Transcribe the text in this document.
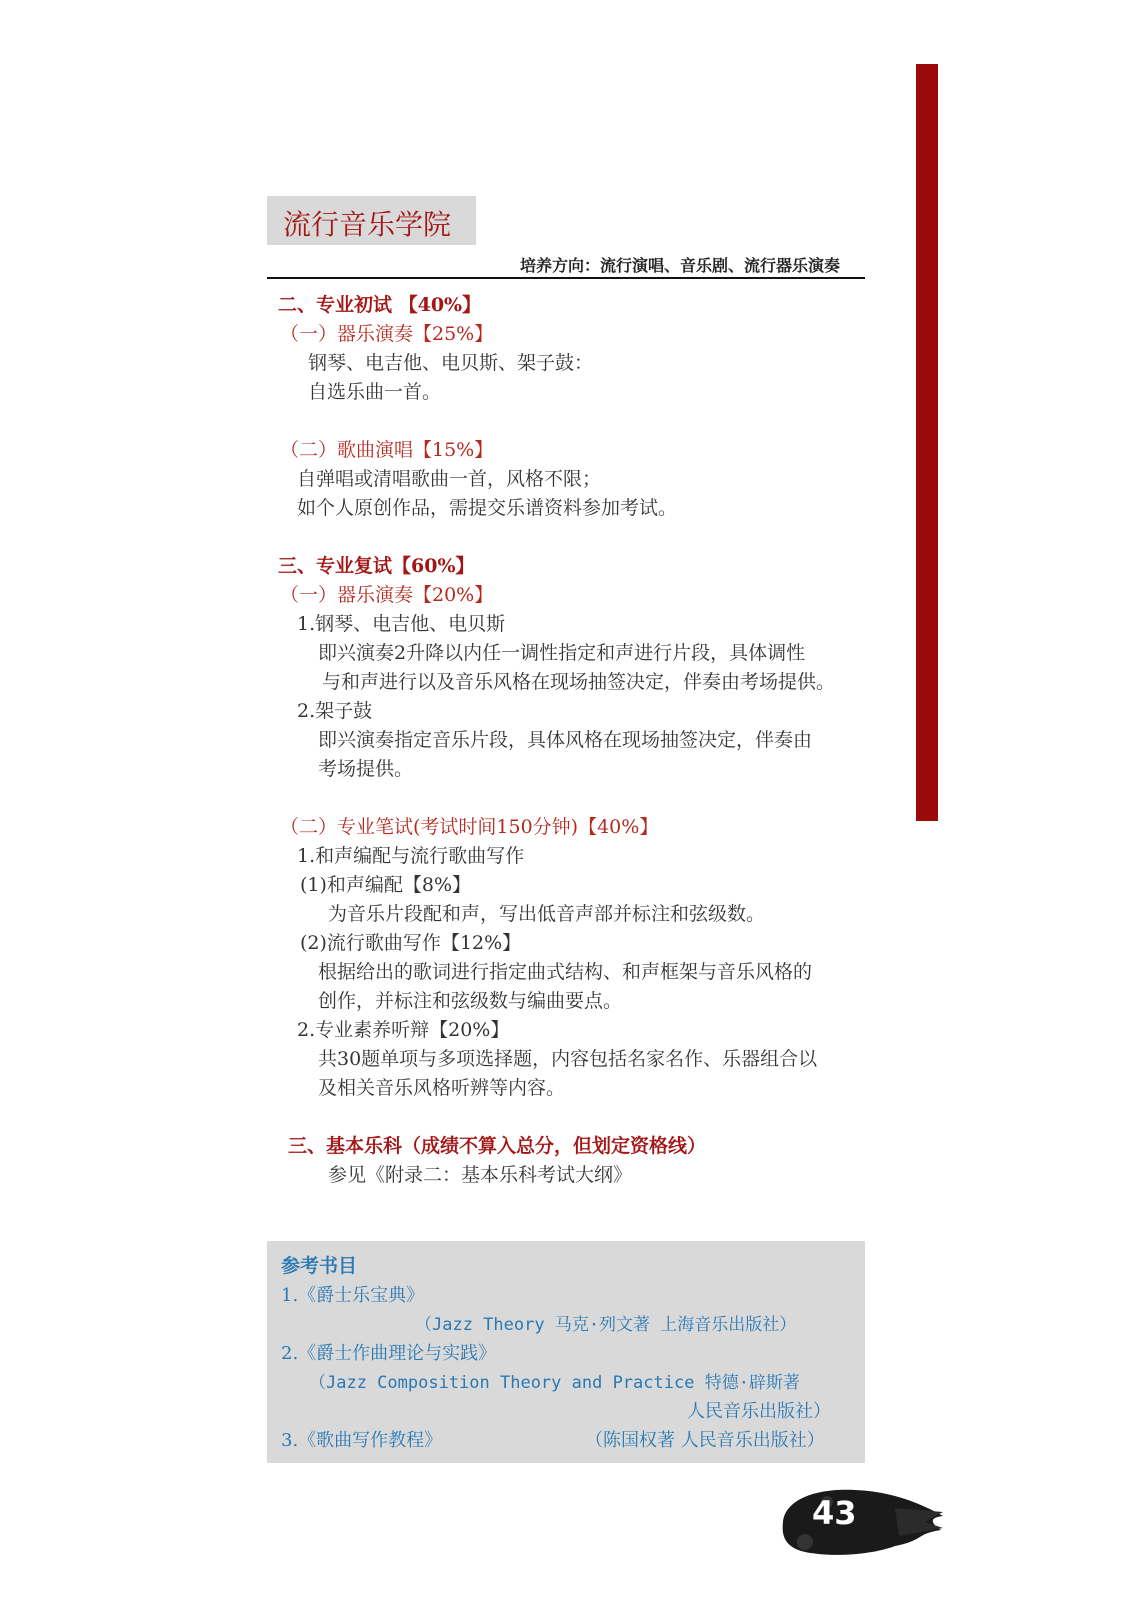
流行音乐学院
培养方向：流行演唱、音乐剧、流行器乐演奏
二、专业初试 【40%】
（一）器乐演奏【25%】
钢琴、电吉他、电贝斯、架子鼓：
自选乐曲一首。
（二）歌曲演唱【15%】
自弹唱或清唱歌曲一首，风格不限；
如个人原创作品，需提交乐谱资料参加考试。
三、专业复试【60%】
（一）器乐演奏【20%】
1.钢琴、电吉他、电贝斯
即兴演奏2升降以内任一调性指定和声进行片段，具体调性
与和声进行以及音乐风格在现场抽签决定，伴奏由考场提供。
2.架子鼓
即兴演奏指定音乐片段，具体风格在现场抽签决定，伴奏由
考场提供。
（二）专业笔试(考试时间150分钟)【40%】
1.和声编配与流行歌曲写作
(1)和声编配【8%】
为音乐片段配和声，写出低音声部并标注和弦级数。
(2)流行歌曲写作【12%】
根据给出的歌词进行指定曲式结构、和声框架与音乐风格的
创作，并标注和弦级数与编曲要点。
2.专业素养听辩【20%】
共30题单项与多项选择题，内容包括名家名作、乐器组合以
及相关音乐风格听辨等内容。
三、基本乐科（成绩不算入总分，但划定资格线）
参见《附录二：基本乐科考试大纲》
参考书目
1.《爵士乐宝典》
（Jazz Theory 马克·列文著 上海音乐出版社）
2.《爵士作曲理论与实践》
（Jazz Composition Theory and Practice 特德·辟斯著
人民音乐出版社）
3.《歌曲写作教程》	（陈国权著 人民音乐出版社）
43
